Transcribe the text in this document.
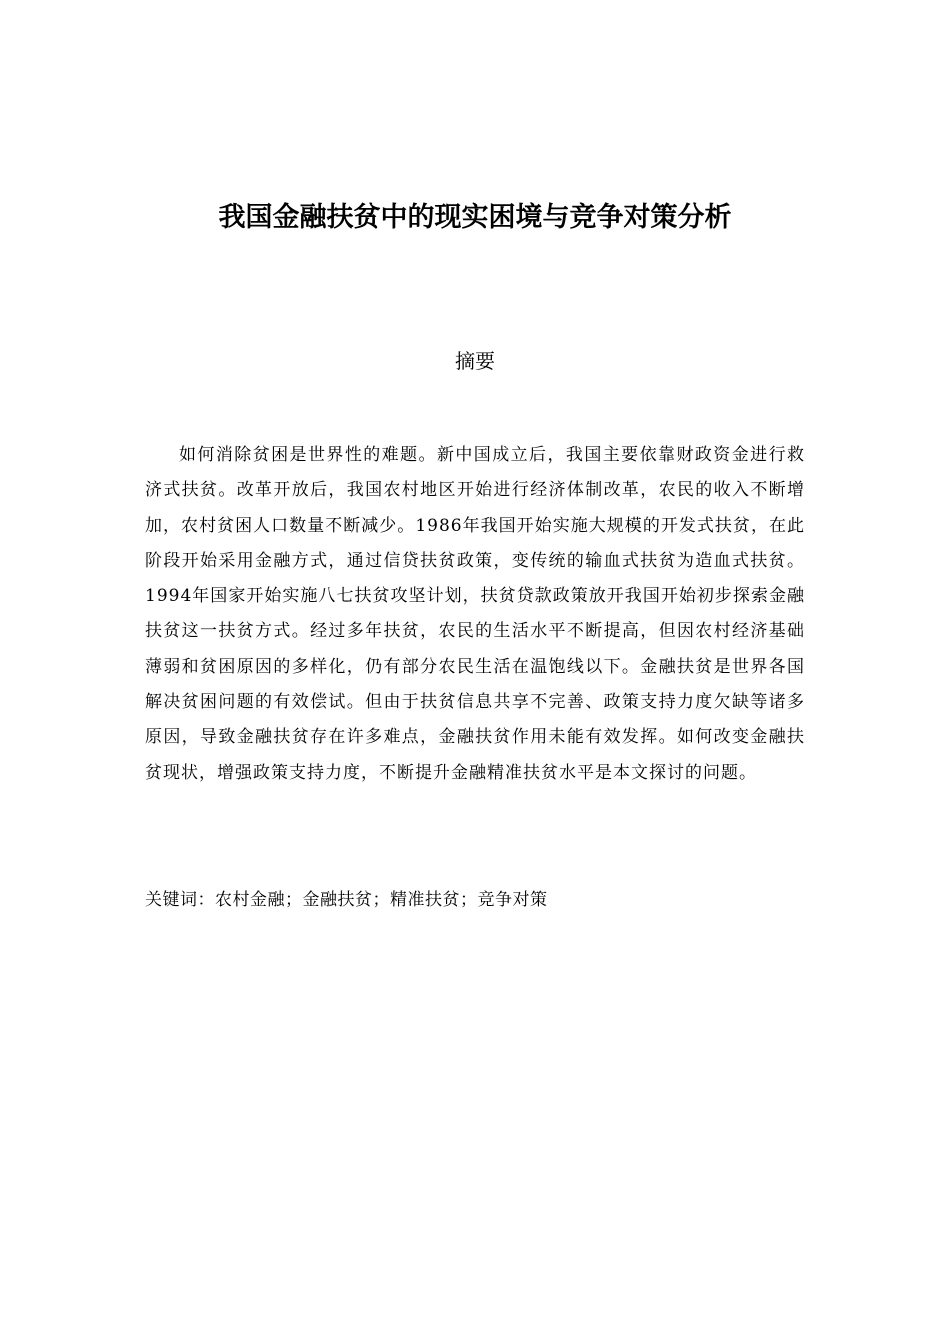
我国金融扶贫中的现实困境与竞争对策分析
摘要

如何消除贫困是世界性的难题。新中国成立后，我国主要依靠财政资金进行救济式扶贫。改革开放后，我国农村地区开始进行经济体制改革，农民的收入不断增加，农村贫困人口数量不断减少。1986年我国开始实施大规模的开发式扶贫，在此阶段开始采用金融方式，通过信贷扶贫政策，变传统的输血式扶贫为造血式扶贫。1994年国家开始实施八七扶贫攻坚计划，扶贫贷款政策放开我国开始初步探索金融扶贫这一扶贫方式。经过多年扶贫，农民的生活水平不断提高，但因农村经济基础薄弱和贫困原因的多样化，仍有部分农民生活在温饱线以下。金融扶贫是世界各国解决贫困问题的有效偿试。但由于扶贫信息共享不完善、政策支持力度欠缺等诸多原因，导致金融扶贫存在许多难点，金融扶贫作用未能有效发挥。如何改变金融扶贫现状，增强政策支持力度，不断提升金融精准扶贫水平是本文探讨的问题。

关键词：农村金融；金融扶贫；精准扶贫；竞争对策
